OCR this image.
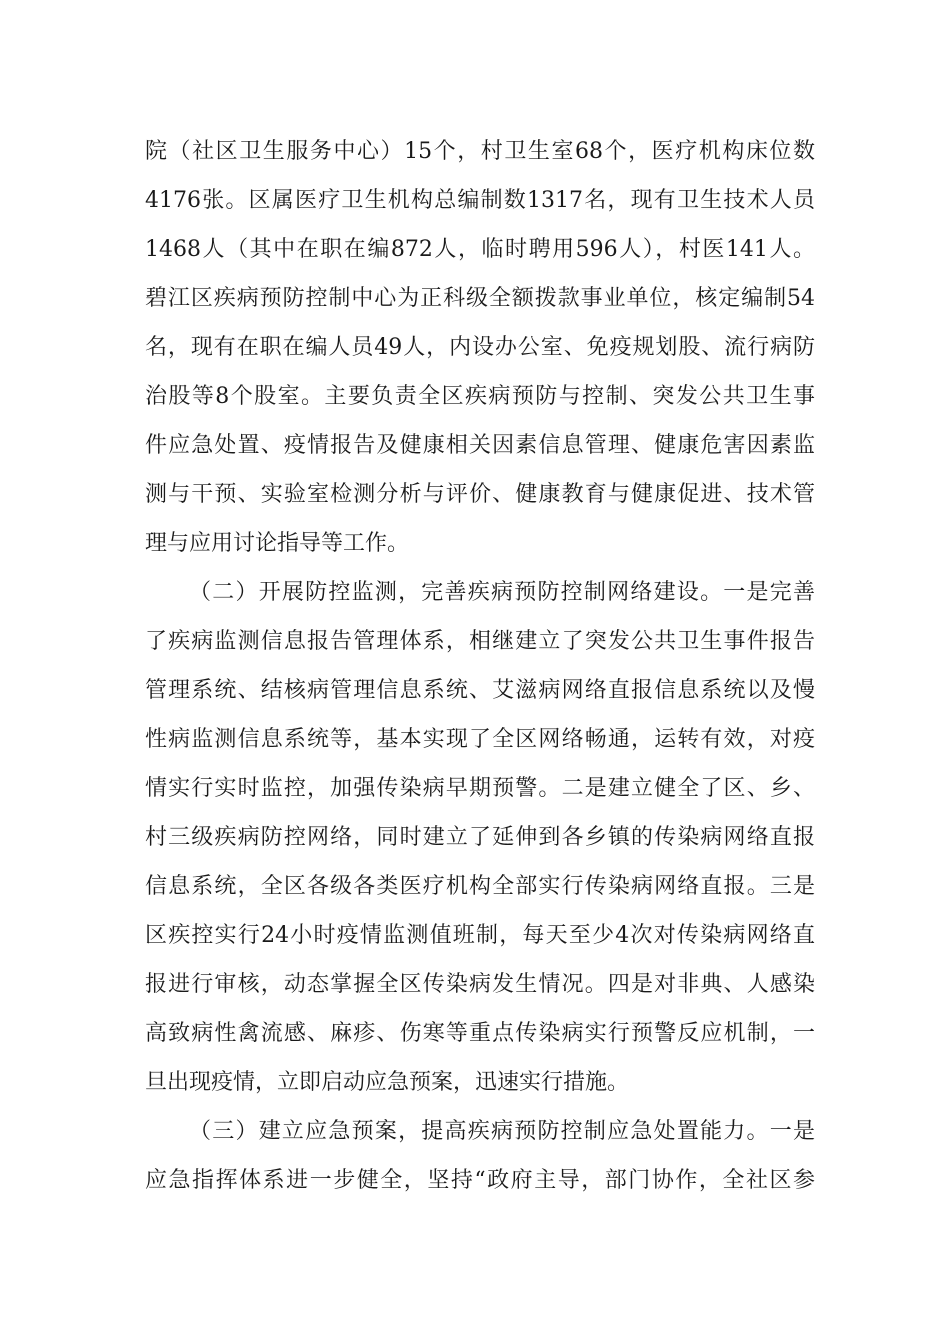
院（社区卫生服务中心）15个，村卫生室68个，医疗机构床位数
4176张。区属医疗卫生机构总编制数1317名，现有卫生技术人员
1468人（其中在职在编872人，临时聘用596人），村医141人。
碧江区疾病预防控制中心为正科级全额拨款事业单位，核定编制54
名，现有在职在编人员49人，内设办公室、免疫规划股、流行病防
治股等8个股室。主要负责全区疾病预防与控制、突发公共卫生事
件应急处置、疫情报告及健康相关因素信息管理、健康危害因素监
测与干预、实验室检测分析与评价、健康教育与健康促进、技术管
理与应用讨论指导等工作。
（二）开展防控监测，完善疾病预防控制网络建设。一是完善
了疾病监测信息报告管理体系，相继建立了突发公共卫生事件报告
管理系统、结核病管理信息系统、艾滋病网络直报信息系统以及慢
性病监测信息系统等，基本实现了全区网络畅通，运转有效，对疫
情实行实时监控，加强传染病早期预警。二是建立健全了区、乡、
村三级疾病防控网络，同时建立了延伸到各乡镇的传染病网络直报
信息系统，全区各级各类医疗机构全部实行传染病网络直报。三是
区疾控实行24小时疫情监测值班制，每天至少4次对传染病网络直
报进行审核，动态掌握全区传染病发生情况。四是对非典、人感染
高致病性禽流感、麻疹、伤寒等重点传染病实行预警反应机制，一
旦出现疫情，立即启动应急预案，迅速实行措施。
（三）建立应急预案，提高疾病预防控制应急处置能力。一是
应急指挥体系进一步健全，坚持“政府主导，部门协作，全社区参
